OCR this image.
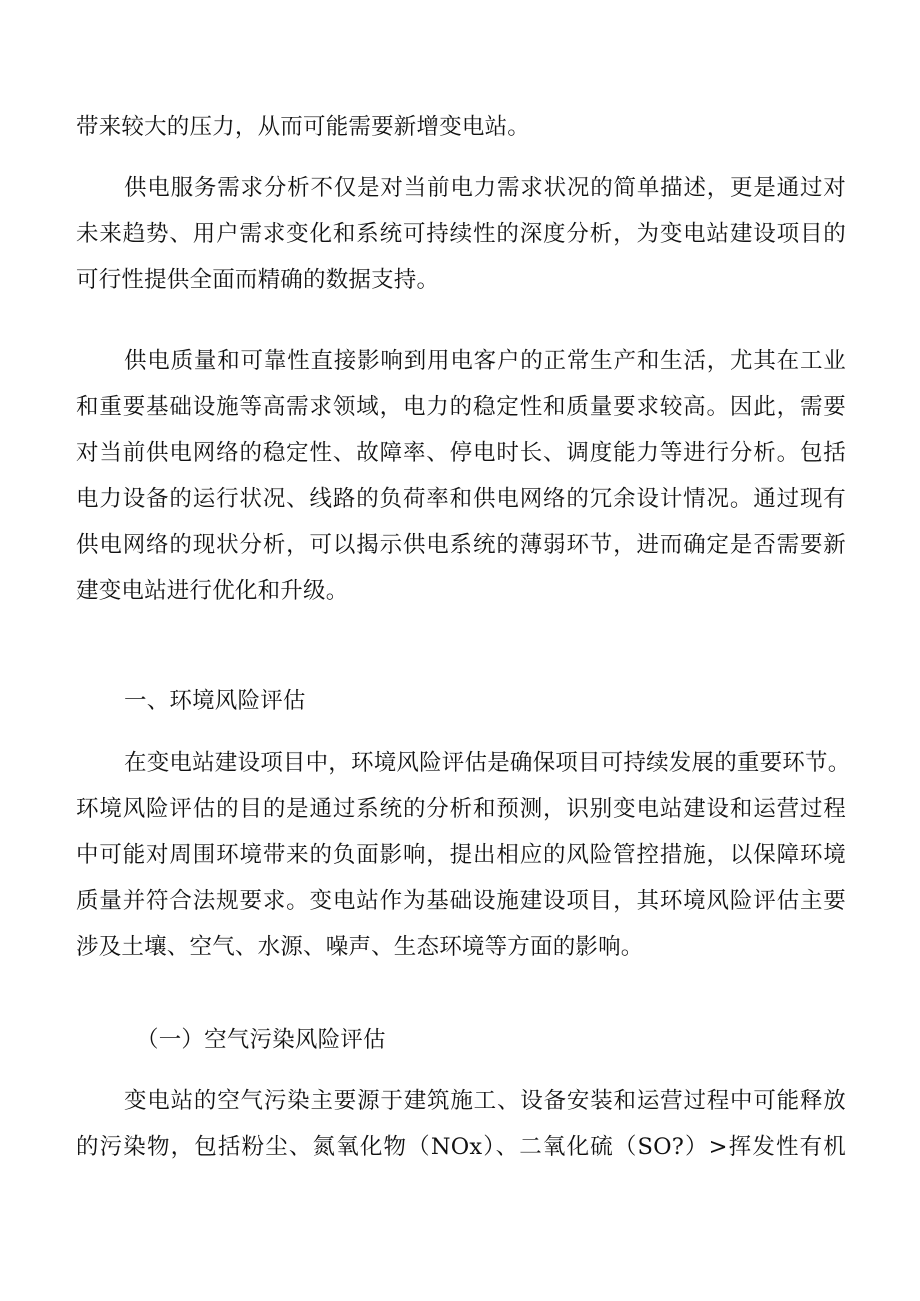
带来较大的压力，从而可能需要新增变电站。
供电服务需求分析不仅是对当前电力需求状况的简单描述，更是通过对
未来趋势、用户需求变化和系统可持续性的深度分析，为变电站建设项目的
可行性提供全面而精确的数据支持。
供电质量和可靠性直接影响到用电客户的正常生产和生活，尤其在工业
和重要基础设施等高需求领域，电力的稳定性和质量要求较高。因此，需要
对当前供电网络的稳定性、故障率、停电时长、调度能力等进行分析。包括
电力设备的运行状况、线路的负荷率和供电网络的冗余设计情况。通过现有
供电网络的现状分析，可以揭示供电系统的薄弱环节，进而确定是否需要新
建变电站进行优化和升级。
一、环境风险评估
在变电站建设项目中，环境风险评估是确保项目可持续发展的重要环节。
环境风险评估的目的是通过系统的分析和预测，识别变电站建设和运营过程
中可能对周围环境带来的负面影响，提出相应的风险管控措施，以保障环境
质量并符合法规要求。变电站作为基础设施建设项目，其环境风险评估主要
涉及土壤、空气、水源、噪声、生态环境等方面的影响。
（一）空气污染风险评估
变电站的空气污染主要源于建筑施工、设备安装和运营过程中可能释放
的污染物，包括粉尘、氮氧化物（NOx）、二氧化硫（SO?）>挥发性有机
